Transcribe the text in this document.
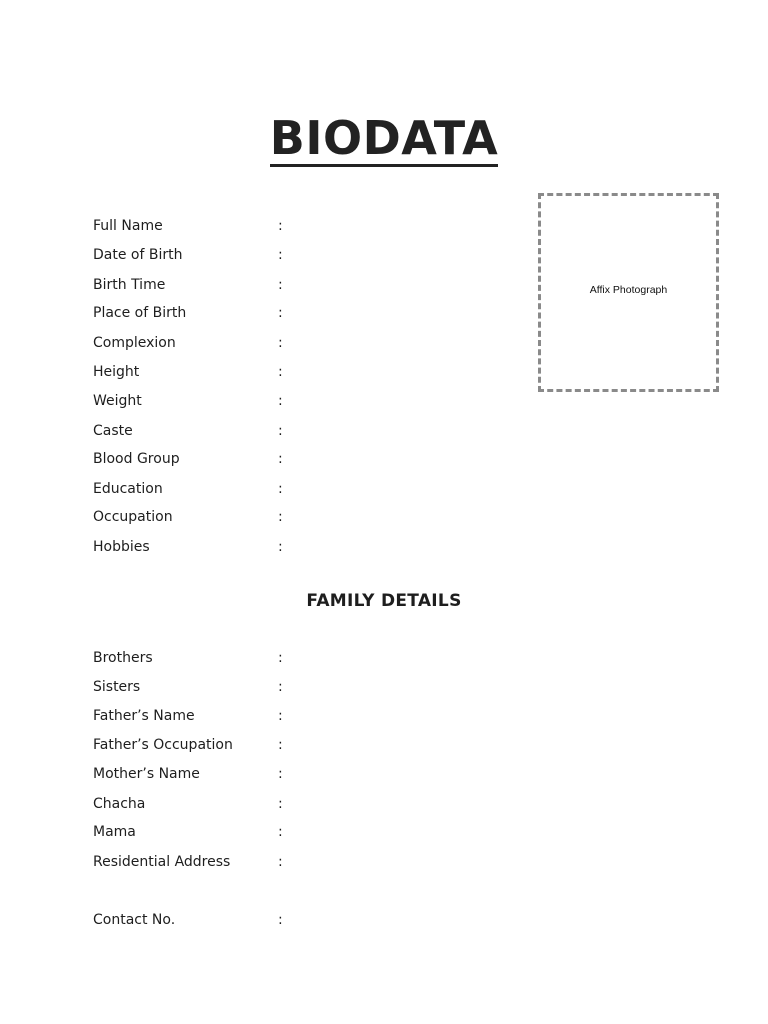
BIODATA
Affix Photograph
Full Name	:
Date of Birth	:
Birth Time	:
Place of Birth	:
Complexion	:
Height	:
Weight	:
Caste	:
Blood Group	:
Education	:
Occupation	:
Hobbies	:
FAMILY DETAILS
Brothers	:
Sisters	:
Father’s Name	:
Father’s Occupation	:
Mother’s Name	:
Chacha	:
Mama	:
Residential Address	:
Contact No.	:
